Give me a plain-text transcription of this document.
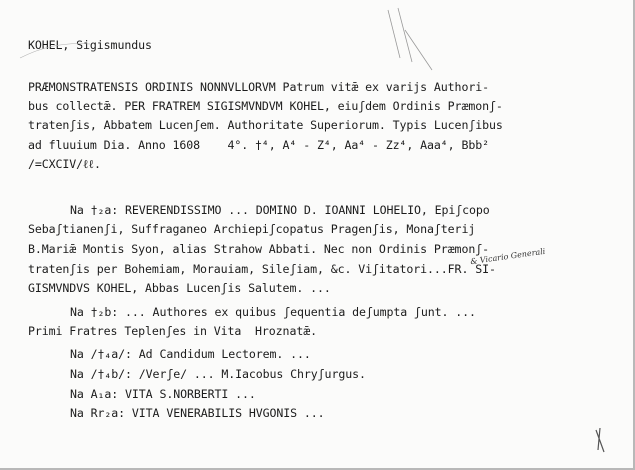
KOHEL, Sigismundus
PRÆMONSTRATENSIS ORDINIS NONNVLLORVM Patrum vitǣ ex varijs Authori-
bus collectǣ. PER FRATREM SIGISMVNDVM KOHEL, eiuʃdem Ordinis Præmonʃ-
tratenʃis, Abbatem Lucenʃem. Authoritate Superiorum. Typis Lucenʃibus
ad fluuium Dia. Anno 1608    4°. †⁴, A⁴ - Z⁴, Aa⁴ - Zz⁴, Aaa⁴, Bbb²
/=CXCIV/ℓℓ.
Na †₂a: REVERENDISSIMO ... DOMINO D. IOANNI LOHELIO, Epiʃcopo
Sebaʃtianenʃi, Suffraganeo Archiepiʃcopatus Pragenʃis, Monaʃterij
B.Mariǣ Montis Syon, alias Strahow Abbati. Nec non Ordinis Præmonʃ-
& Vicario Generali
tratenʃis per Bohemiam, Morauiam, Sileʃiam, &c. Viʃitatori...FR. SI-
GISMVNDVS KOHEL, Abbas Lucenʃis Salutem. ...
Na †₂b: ... Authores ex quibus ʃequentia deʃumpta ʃunt. ...
Primi Fratres Teplenʃes in Vita  Hroznatǣ.
Na /†₄a/: Ad Candidum Lectorem. ...
Na /†₄b/: /Verʃe/ ... M.Iacobus Chryʃurgus.
Na A₁a: VITA S.NORBERTI ...
Na Rr₂a: VITA VENERABILIS HVGONIS ...
